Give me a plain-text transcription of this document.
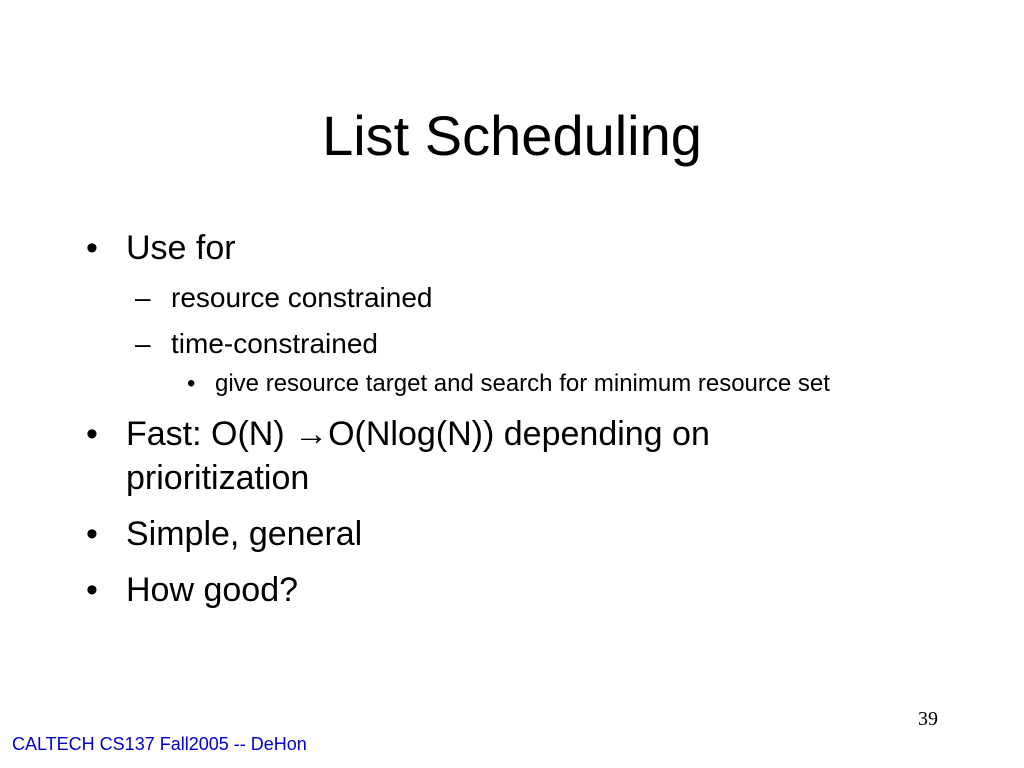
List Scheduling
• Use for
– resource constrained
– time-constrained
• give resource target and search for minimum resource set
• Fast: O(N) →O(Nlog(N)) depending on prioritization
• Simple, general
• How good?
39
CALTECH CS137 Fall2005 -- DeHon
